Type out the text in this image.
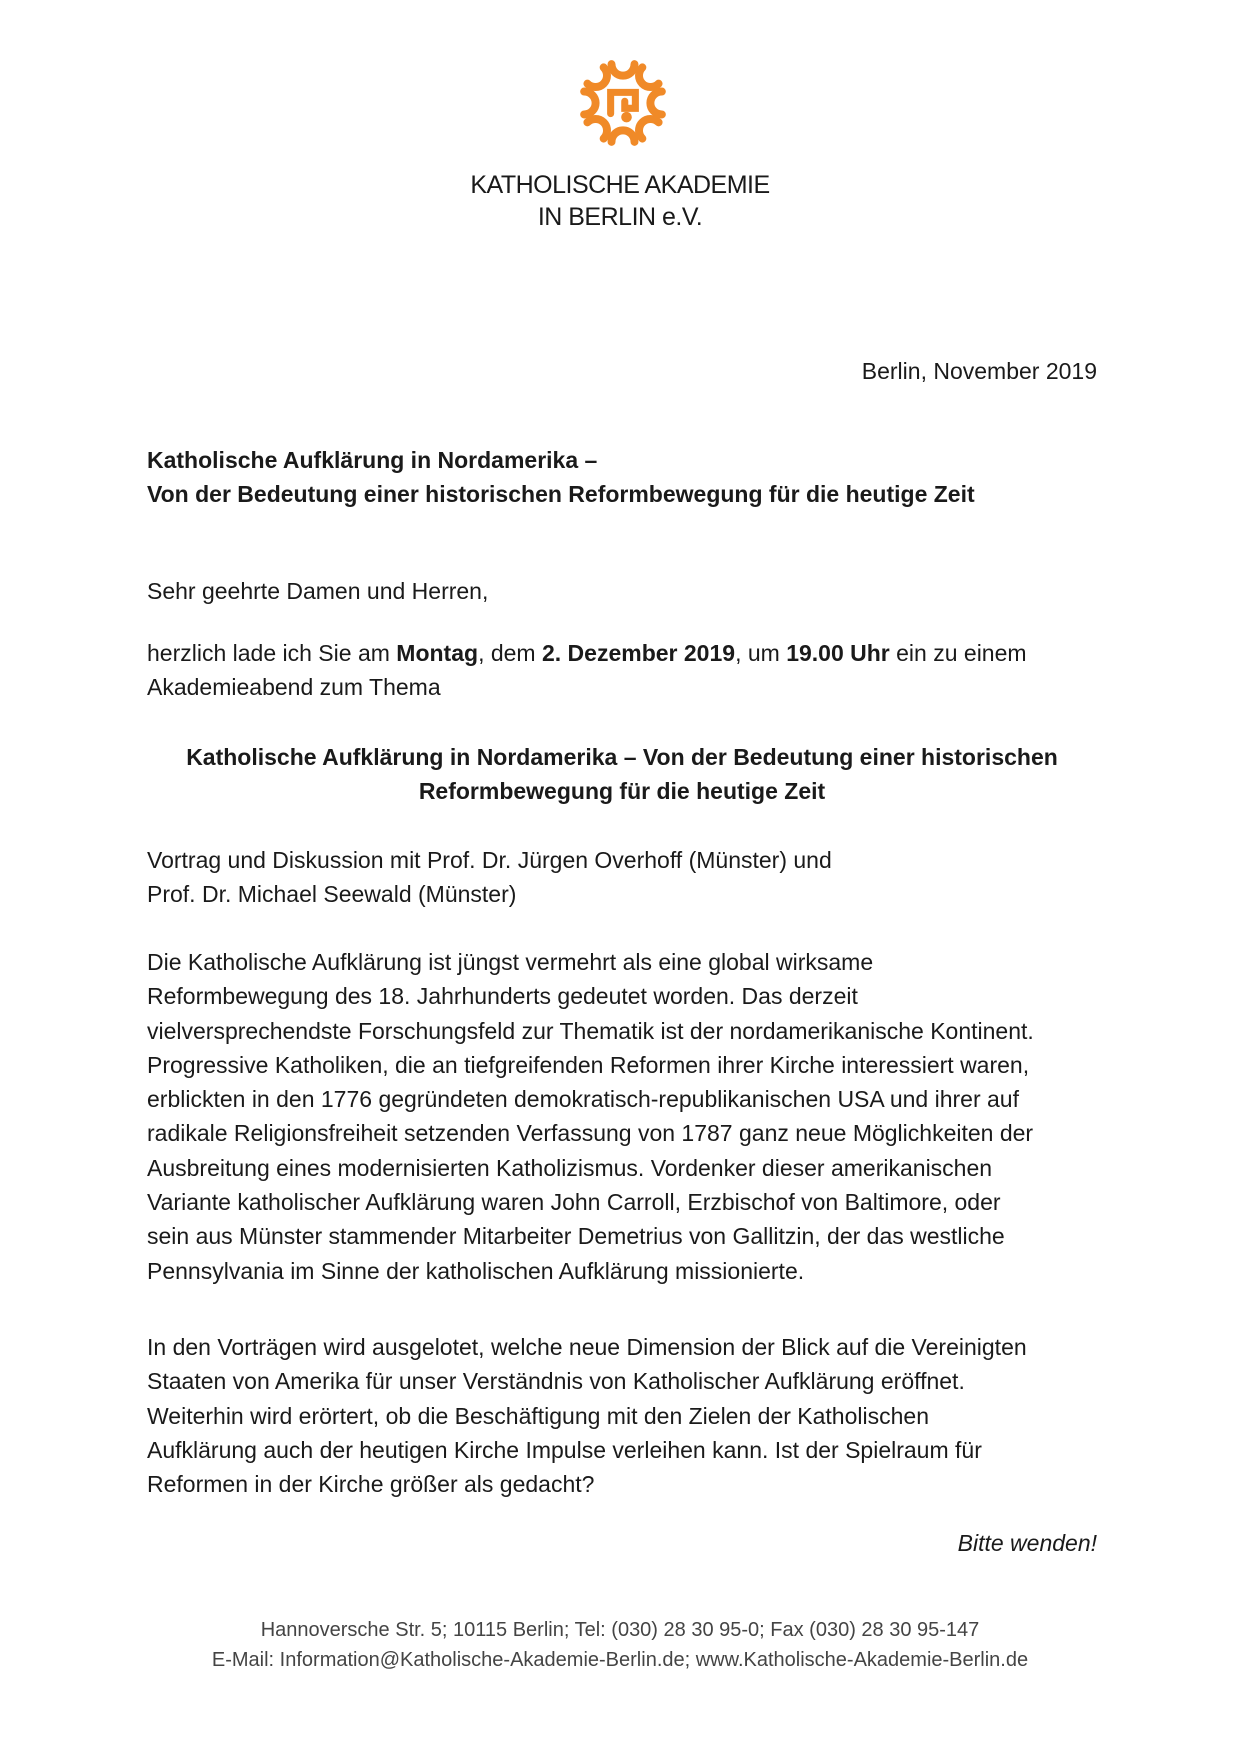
KATHOLISCHE AKADEMIE
IN BERLIN e.V.
Berlin, November 2019
Katholische Aufklärung in Nordamerika –
Von der Bedeutung einer historischen Reformbewegung für die heutige Zeit
Sehr geehrte Damen und Herren,
herzlich lade ich Sie am Montag, dem 2. Dezember 2019, um 19.00 Uhr ein zu einem Akademieabend zum Thema
Katholische Aufklärung in Nordamerika – Von der Bedeutung einer historischen
Reformbewegung für die heutige Zeit
Vortrag und Diskussion mit Prof. Dr. Jürgen Overhoff (Münster) und
Prof. Dr. Michael Seewald (Münster)
Die Katholische Aufklärung ist jüngst vermehrt als eine global wirksame
Reformbewegung des 18. Jahrhunderts gedeutet worden. Das derzeit
vielversprechendste Forschungsfeld zur Thematik ist der nordamerikanische Kontinent.
Progressive Katholiken, die an tiefgreifenden Reformen ihrer Kirche interessiert waren,
erblickten in den 1776 gegründeten demokratisch-republikanischen USA und ihrer auf
radikale Religionsfreiheit setzenden Verfassung von 1787 ganz neue Möglichkeiten der
Ausbreitung eines modernisierten Katholizismus. Vordenker dieser amerikanischen
Variante katholischer Aufklärung waren John Carroll, Erzbischof von Baltimore, oder
sein aus Münster stammender Mitarbeiter Demetrius von Gallitzin, der das westliche
Pennsylvania im Sinne der katholischen Aufklärung missionierte.
In den Vorträgen wird ausgelotet, welche neue Dimension der Blick auf die Vereinigten
Staaten von Amerika für unser Verständnis von Katholischer Aufklärung eröffnet.
Weiterhin wird erörtert, ob die Beschäftigung mit den Zielen der Katholischen
Aufklärung auch der heutigen Kirche Impulse verleihen kann. Ist der Spielraum für
Reformen in der Kirche größer als gedacht?
Bitte wenden!
Hannoversche Str. 5; 10115 Berlin; Tel: (030) 28 30 95-0; Fax (030) 28 30 95-147
E-Mail: Information@Katholische-Akademie-Berlin.de; www.Katholische-Akademie-Berlin.de
